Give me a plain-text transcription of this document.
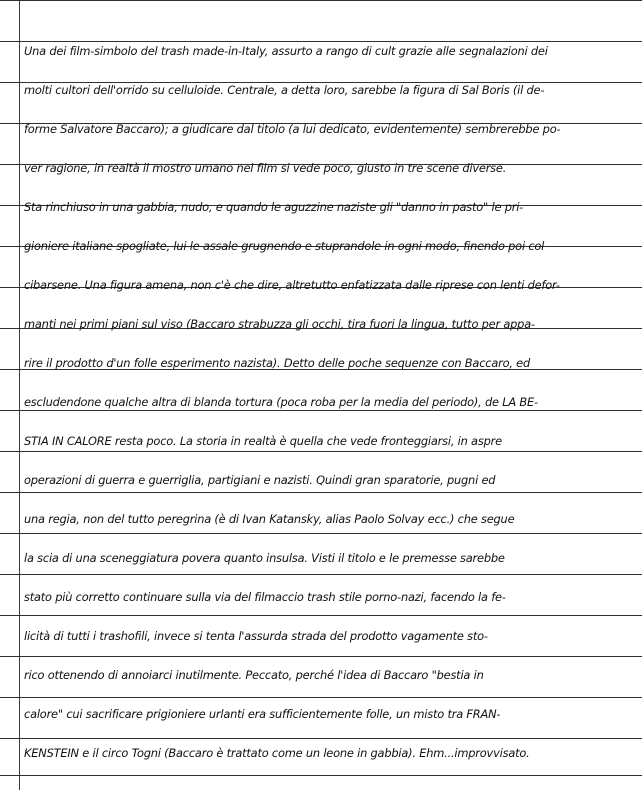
Una dei film-simbolo del trash made-in-Italy, assurto a rango di cult grazie alle segnalazioni dei
molti cultori dell'orrido su celluloide. Centrale, a detta loro, sarebbe la figura di Sal Boris (il de-
forme Salvatore Baccaro); a giudicare dal titolo (a lui dedicato, evidentemente) sembrerebbe po-
ver ragione, in realtà il mostro umano nel film si vede poco, giusto in tre scene diverse.
Sta rinchiuso in una gabbia, nudo, e quando le aguzzine naziste gli "danno in pasto" le pri-
gioniere italiane spogliate, lui le assale grugnendo e stuprandole in ogni modo, finendo poi col
cibarsene. Una figura amena, non c'è che dire, altretutto enfatizzata dalle riprese con lenti defor-
manti nei primi piani sul viso (Baccaro strabuzza gli occhi, tira fuori la lingua, tutto per appa-
rire il prodotto d'un folle esperimento nazista). Detto delle poche sequenze con Baccaro, ed
escludendone qualche altra di blanda tortura (poca roba per la media del periodo), de LA BE-
STIA IN CALORE resta poco. La storia in realtà è quella che vede fronteggiarsi, in aspre
operazioni di guerra e guerriglia, partigiani e nazisti. Quindi gran sparatorie, pugni ed
una regia, non del tutto peregrina (è di Ivan Katansky, alias Paolo Solvay ecc.) che segue
la scia di una sceneggiatura povera quanto insulsa. Visti il titolo e le premesse sarebbe
stato più corretto continuare sulla via del filmaccio trash stile porno-nazi, facendo la fe-
licità di tutti i trashofili, invece si tenta l'assurda strada del prodotto vagamente sto-
rico ottenendo di annoiarci inutilmente. Peccato, perché l'idea di Baccaro "bestia in
calore" cui sacrificare prigioniere urlanti era sufficientemente folle, un misto tra FRAN-
KENSTEIN e il circo Togni (Baccaro è trattato come un leone in gabbia). Ehm...improvvisato.
